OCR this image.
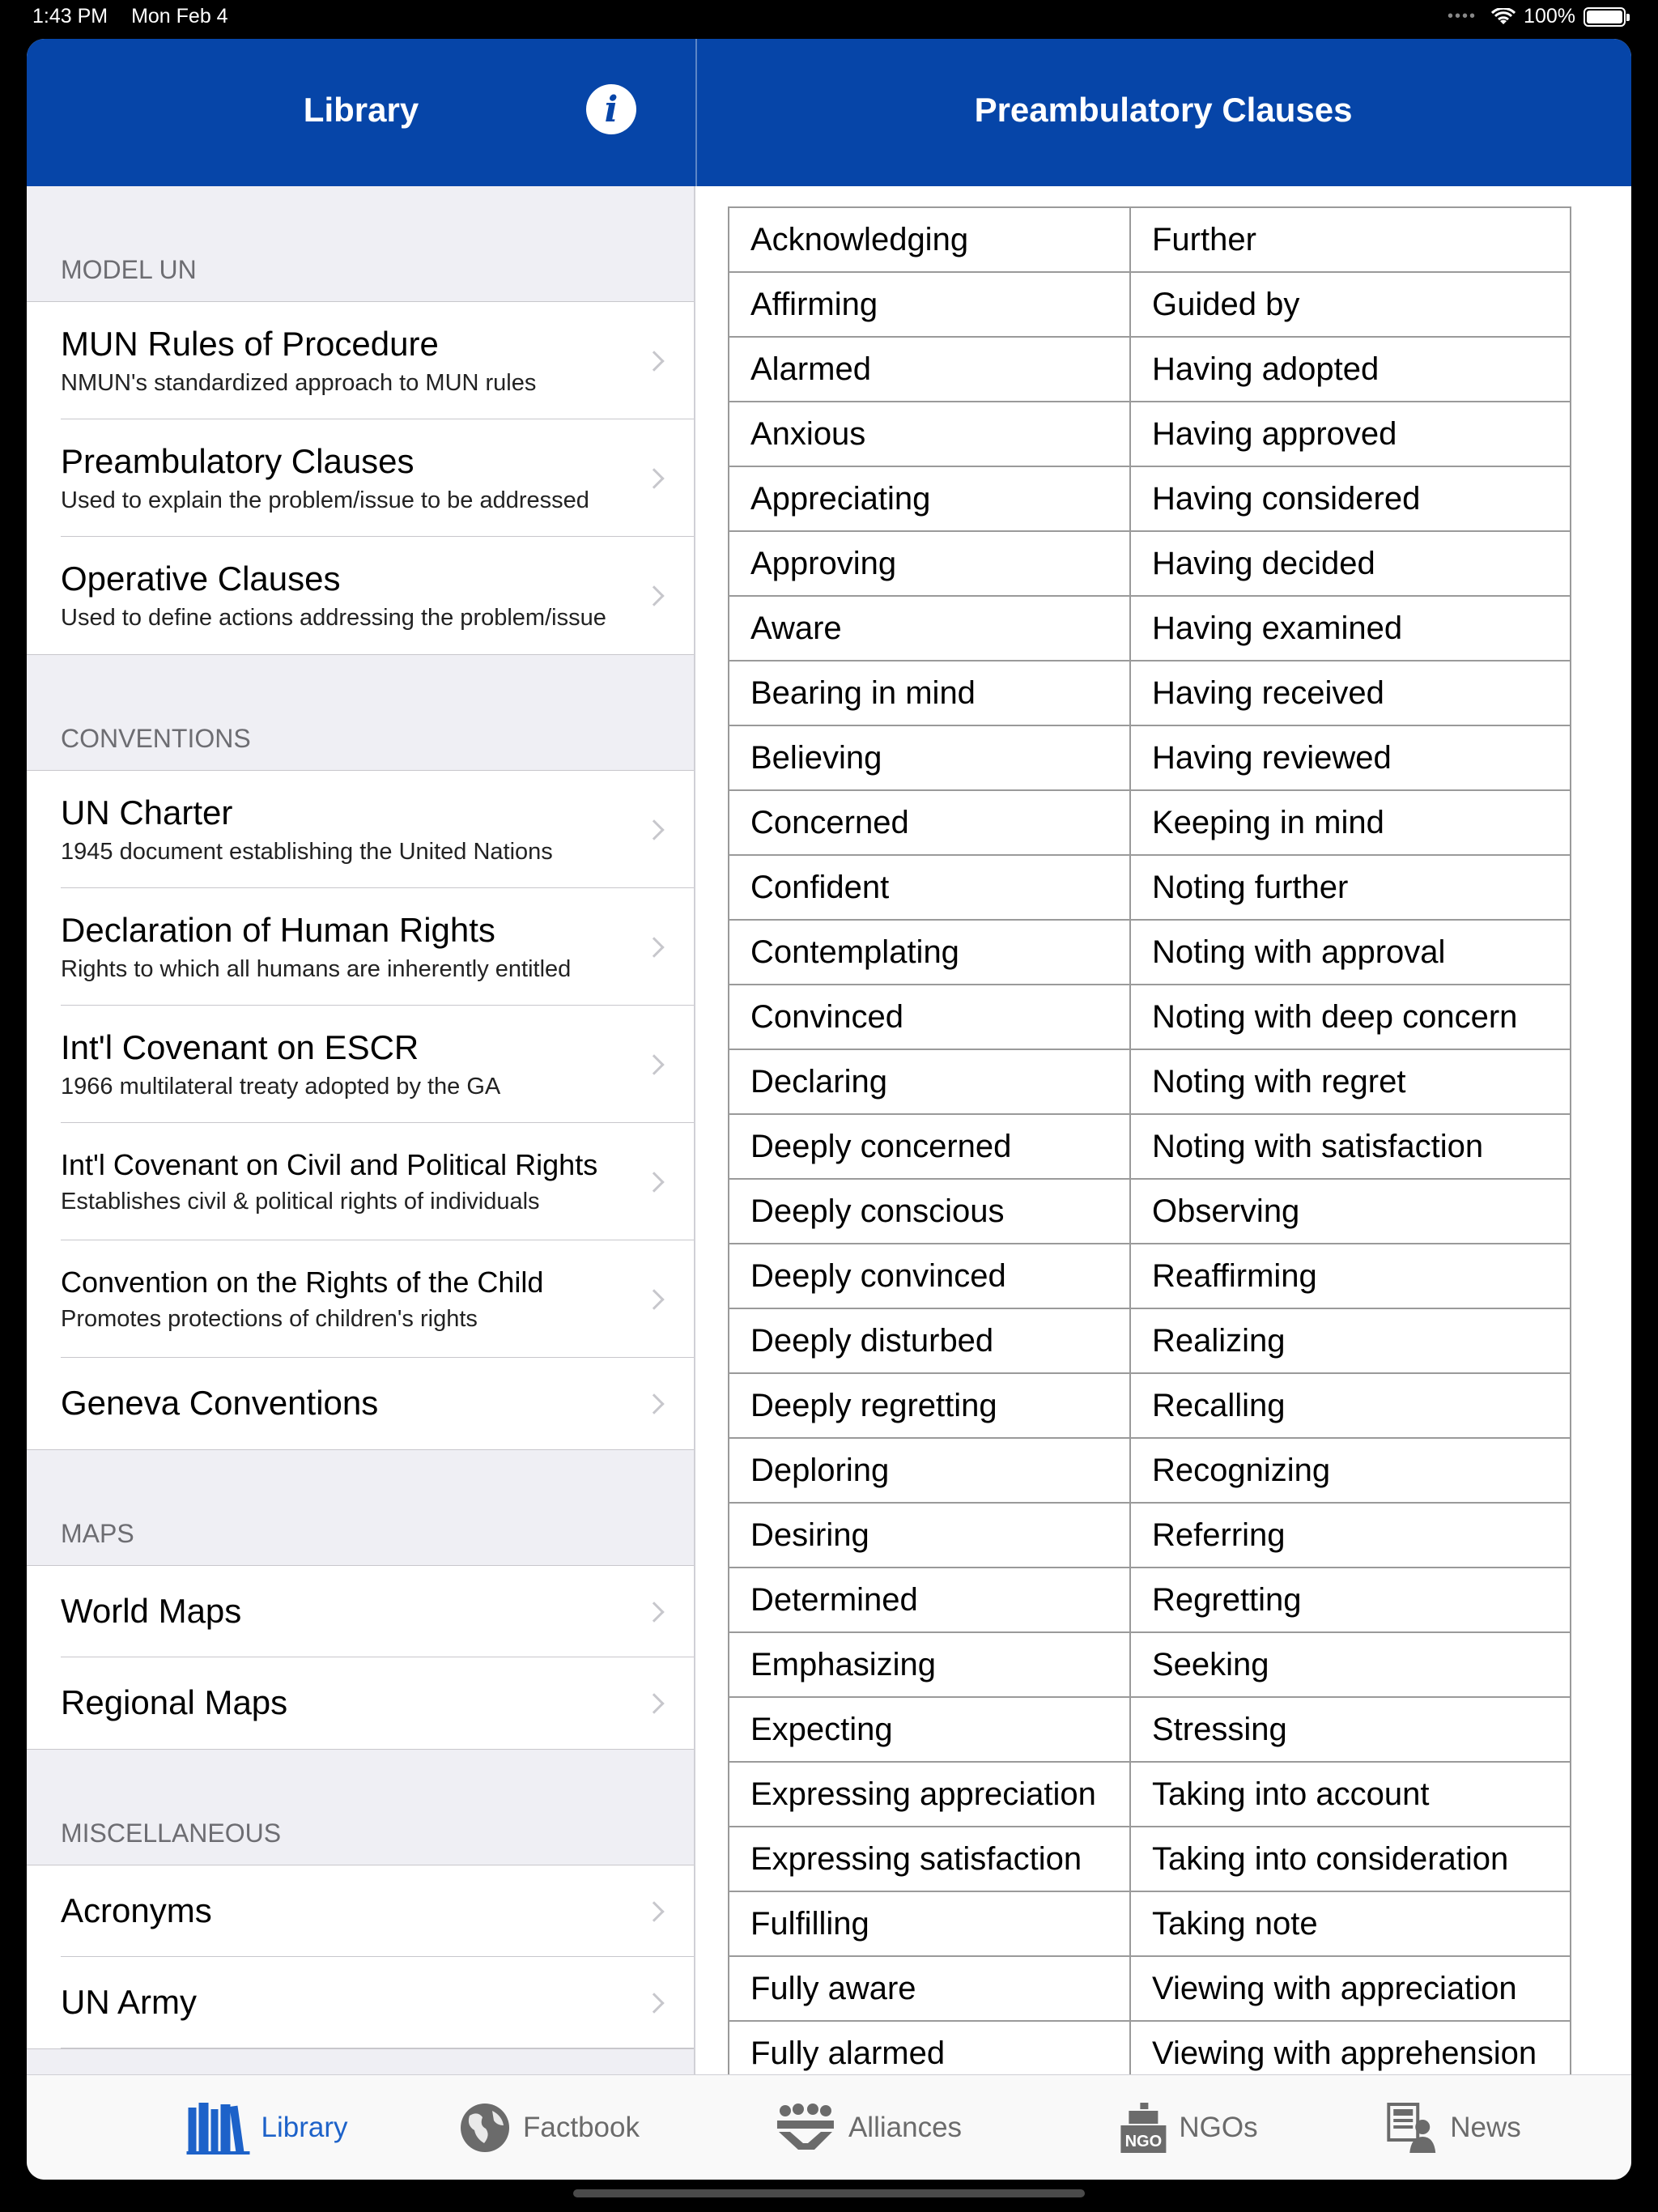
1:43 PM Mon Feb 4	•••• 100%
Library	i	Preambulatory Clauses
MODEL UN
MUN Rules of Procedure
NMUN's standardized approach to MUN rules
Preambulatory Clauses
Used to explain the problem/issue to be addressed
Operative Clauses
Used to define actions addressing the problem/issue
CONVENTIONS
UN Charter
1945 document establishing the United Nations
Declaration of Human Rights
Rights to which all humans are inherently entitled
Int'l Covenant on ESCR
1966 multilateral treaty adopted by the GA
Int'l Covenant on Civil and Political Rights
Establishes civil & political rights of individuals
Convention on the Rights of the Child
Promotes protections of children's rights
Geneva Conventions
MAPS
World Maps
Regional Maps
MISCELLANEOUS
Acronyms
UN Army
Acknowledging	Further
Affirming	Guided by
Alarmed	Having adopted
Anxious	Having approved
Appreciating	Having considered
Approving	Having decided
Aware	Having examined
Bearing in mind	Having received
Believing	Having reviewed
Concerned	Keeping in mind
Confident	Noting further
Contemplating	Noting with approval
Convinced	Noting with deep concern
Declaring	Noting with regret
Deeply concerned	Noting with satisfaction
Deeply conscious	Observing
Deeply convinced	Reaffirming
Deeply disturbed	Realizing
Deeply regretting	Recalling
Deploring	Recognizing
Desiring	Referring
Determined	Regretting
Emphasizing	Seeking
Expecting	Stressing
Expressing appreciation	Taking into account
Expressing satisfaction	Taking into consideration
Fulfilling	Taking note
Fully aware	Viewing with appreciation
Fully alarmed	Viewing with apprehension
Library	Factbook	Alliances	NGO NGOs	News
